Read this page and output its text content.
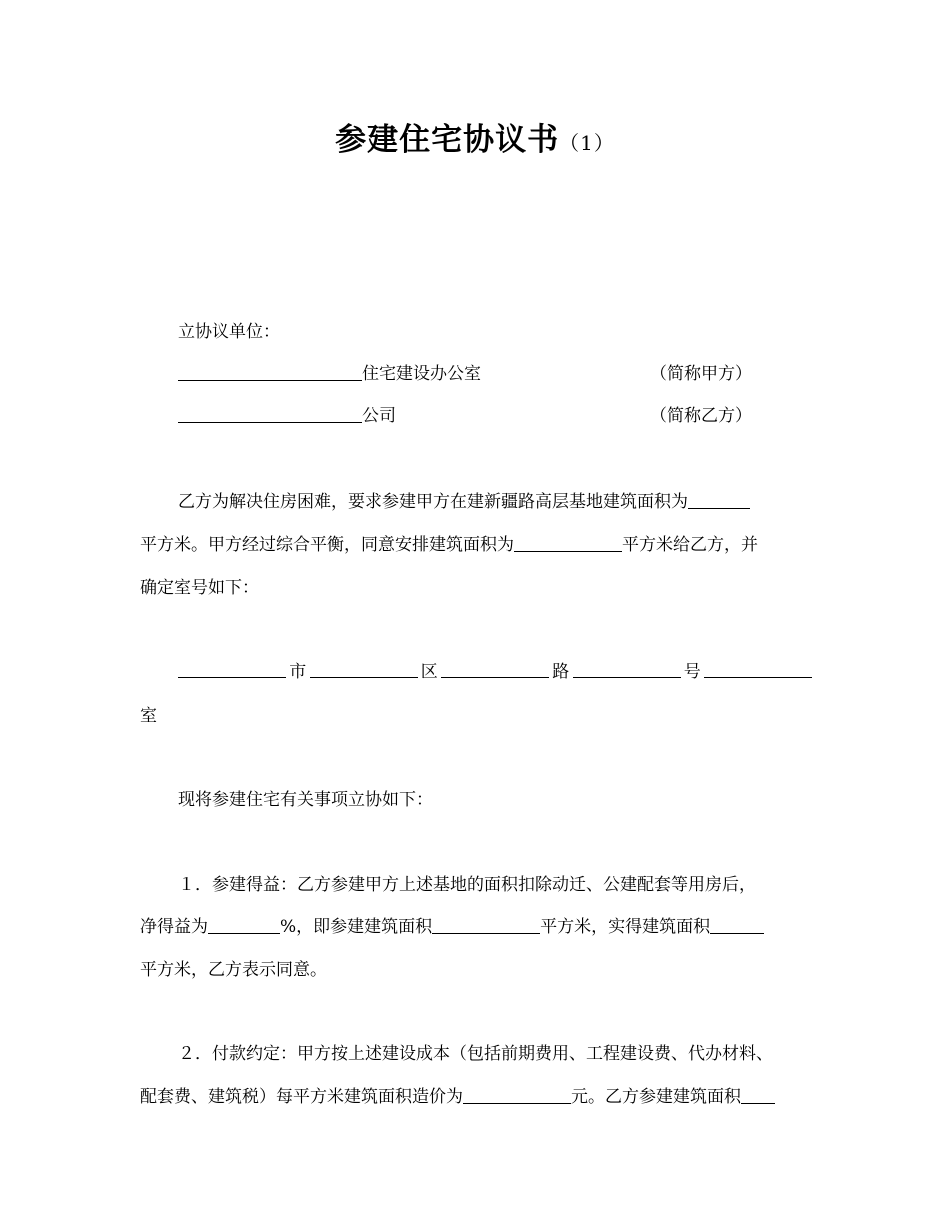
参建住宅协议书（1）
立协议单位：
住宅建设办公室	（简称甲方）
公司	（简称乙方）
乙方为解决住房困难，要求参建甲方在建新疆路高层基地建筑面积为
平方米。甲方经过综合平衡，同意安排建筑面积为	平方米给乙方，并
确定室号如下：
市	区	路	号
室
现将参建住宅有关事项立协如下：
１．参建得益：乙方参建甲方上述基地的面积扣除动迁、公建配套等用房后，
净得益为	%，即参建建筑面积	平方米，实得建筑面积
平方米，乙方表示同意。
２．付款约定：甲方按上述建设成本（包括前期费用、工程建设费、代办材料、
配套费、建筑税）每平方米建筑面积造价为	元。乙方参建建筑面积
